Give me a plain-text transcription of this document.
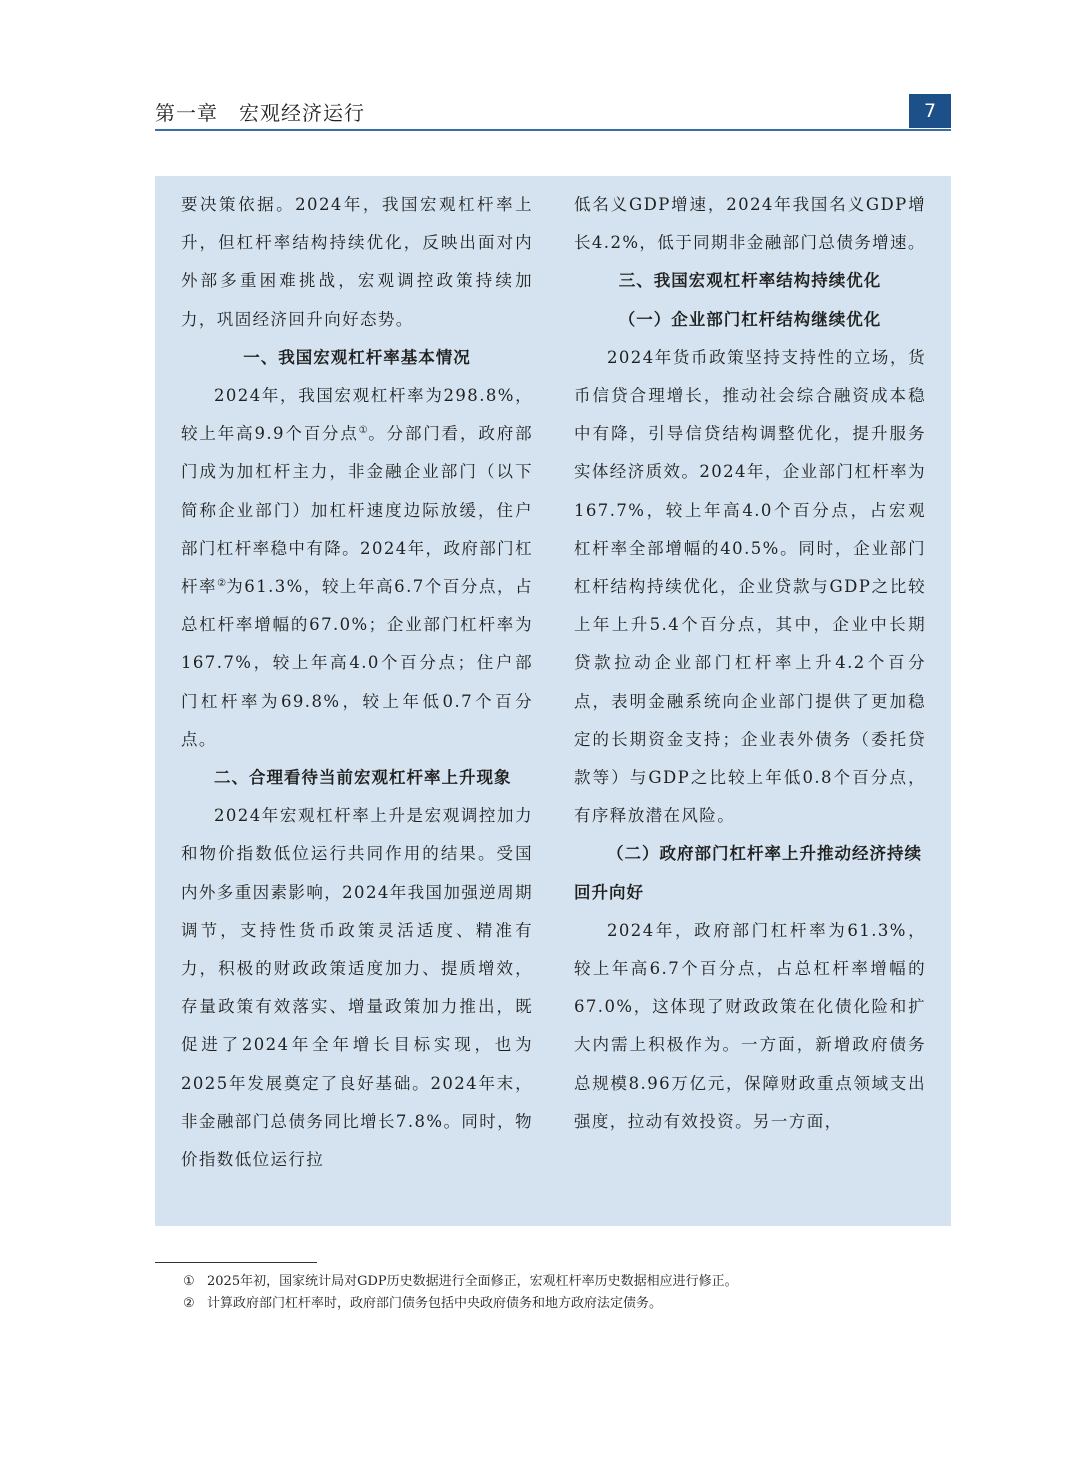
第一章　宏观经济运行	7

要决策依据。2024年，我国宏观杠杆率上升，但杠杆率结构持续优化，反映出面对内外部多重困难挑战，宏观调控政策持续加力，巩固经济回升向好态势。

一、我国宏观杠杆率基本情况

2024年，我国宏观杠杆率为298.8%，较上年高9.9个百分点①。分部门看，政府部门成为加杠杆主力，非金融企业部门（以下简称企业部门）加杠杆速度边际放缓，住户部门杠杆率稳中有降。2024年，政府部门杠杆率②为61.3%，较上年高6.7个百分点，占总杠杆率增幅的67.0%；企业部门杠杆率为167.7%，较上年高4.0个百分点；住户部门杠杆率为69.8%，较上年低0.7个百分点。

二、合理看待当前宏观杠杆率上升现象

2024年宏观杠杆率上升是宏观调控加力和物价指数低位运行共同作用的结果。受国内外多重因素影响，2024年我国加强逆周期调节，支持性货币政策灵活适度、精准有力，积极的财政政策适度加力、提质增效，存量政策有效落实、增量政策加力推出，既促进了2024年全年增长目标实现，也为2025年发展奠定了良好基础。2024年末，非金融部门总债务同比增长7.8%。同时，物价指数低位运行拉

低名义GDP增速，2024年我国名义GDP增长4.2%，低于同期非金融部门总债务增速。

三、我国宏观杠杆率结构持续优化
（一）企业部门杠杆结构继续优化

2024年货币政策坚持支持性的立场，货币信贷合理增长，推动社会综合融资成本稳中有降，引导信贷结构调整优化，提升服务实体经济质效。2024年，企业部门杠杆率为167.7%，较上年高4.0个百分点，占宏观杠杆率全部增幅的40.5%。同时，企业部门杠杆结构持续优化，企业贷款与GDP之比较上年上升5.4个百分点，其中，企业中长期贷款拉动企业部门杠杆率上升4.2个百分点，表明金融系统向企业部门提供了更加稳定的长期资金支持；企业表外债务（委托贷款等）与GDP之比较上年低0.8个百分点，有序释放潜在风险。

（二）政府部门杠杆率上升推动经济持续回升向好

2024年，政府部门杠杆率为61.3%，较上年高6.7个百分点，占总杠杆率增幅的67.0%，这体现了财政政策在化债化险和扩大内需上积极作为。一方面，新增政府债务总规模8.96万亿元，保障财政重点领域支出强度，拉动有效投资。另一方面，

① 2025年初，国家统计局对GDP历史数据进行全面修正，宏观杠杆率历史数据相应进行修正。
② 计算政府部门杠杆率时，政府部门债务包括中央政府债务和地方政府法定债务。
